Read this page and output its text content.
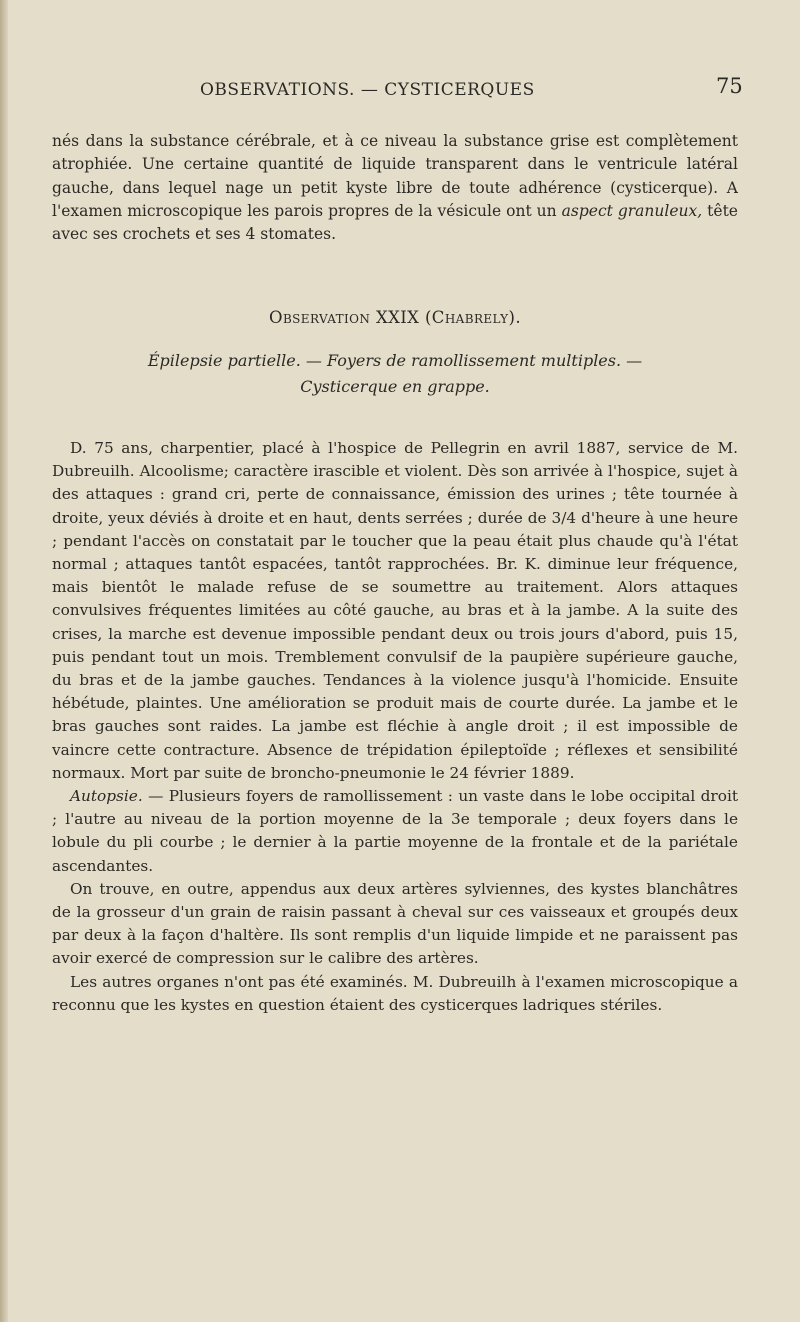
OBSERVATIONS. — CYSTICERQUES	75

nés dans la substance cérébrale, et à ce niveau la substance grise est complètement atrophiée. Une certaine quantité de liquide transparent dans le ventricule latéral gauche, dans lequel nage un petit kyste libre de toute adhérence (cysticerque). A l'examen microscopique les parois propres de la vésicule ont un aspect granuleux, tête avec ses crochets et ses 4 stomates.

Observation XXIX (Chabrely).
Épilepsie partielle. — Foyers de ramollissement multiples. —
Cysticerque en grappe.

D. 75 ans, charpentier, placé à l'hospice de Pellegrin en avril 1887, service de M. Dubreuilh. Alcoolisme; caractère irascible et violent. Dès son arrivée à l'hospice, sujet à des attaques : grand cri, perte de connaissance, émission des urines ; tête tournée à droite, yeux déviés à droite et en haut, dents serrées ; durée de 3/4 d'heure à une heure ; pendant l'accès on constatait par le toucher que la peau était plus chaude qu'à l'état normal ; attaques tantôt espacées, tantôt rapprochées. Br. K. diminue leur fréquence, mais bientôt le malade refuse de se soumettre au traitement. Alors attaques convulsives fréquentes limitées au côté gauche, au bras et à la jambe. A la suite des crises, la marche est devenue impossible pendant deux ou trois jours d'abord, puis 15, puis pendant tout un mois. Tremblement convulsif de la paupière supérieure gauche, du bras et de la jambe gauches. Tendances à la violence jusqu'à l'homicide. Ensuite hébétude, plaintes. Une amélioration se produit mais de courte durée. La jambe et le bras gauches sont raides. La jambe est fléchie à angle droit ; il est impossible de vaincre cette contracture. Absence de trépidation épileptoïde ; réflexes et sensibilité normaux. Mort par suite de broncho-pneumonie le 24 février 1889.

Autopsie. — Plusieurs foyers de ramollissement : un vaste dans le lobe occipital droit ; l'autre au niveau de la portion moyenne de la 3e temporale ; deux foyers dans le lobule du pli courbe ; le dernier à la partie moyenne de la frontale et de la pariétale ascendantes.

On trouve, en outre, appendus aux deux artères sylviennes, des kystes blanchâtres de la grosseur d'un grain de raisin passant à cheval sur ces vaisseaux et groupés deux par deux à la façon d'haltère. Ils sont remplis d'un liquide limpide et ne paraissent pas avoir exercé de compression sur le calibre des artères.

Les autres organes n'ont pas été examinés. M. Dubreuilh à l'examen microscopique a reconnu que les kystes en question étaient des cysticerques ladriques stériles.
